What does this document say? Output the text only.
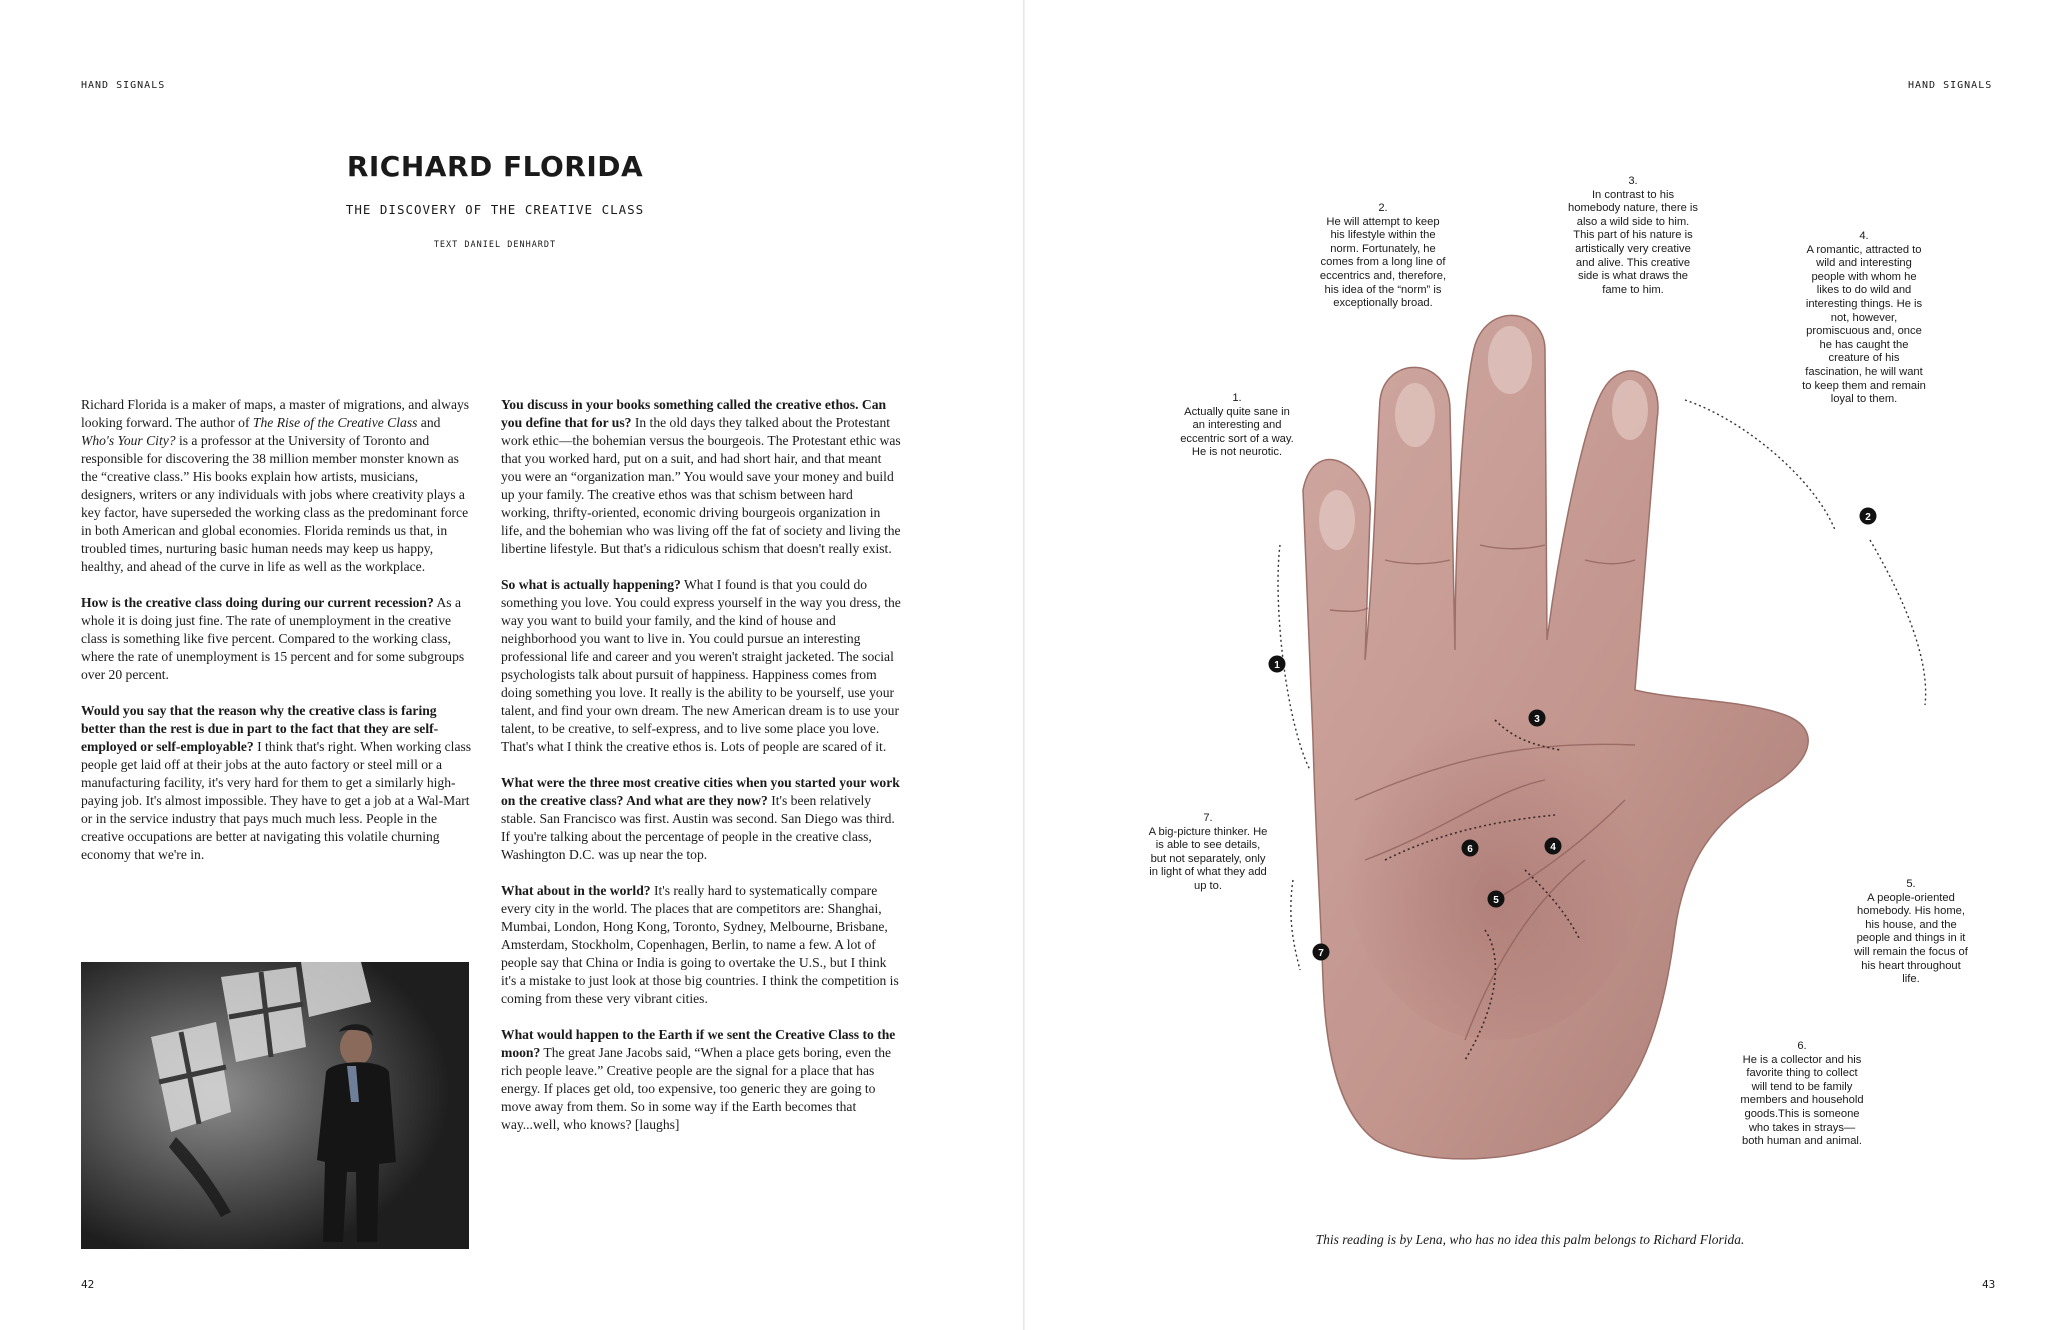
HAND SIGNALS
RICHARD FLORIDA
THE DISCOVERY OF THE CREATIVE CLASS
TEXT DANIEL DENHARDT

Richard Florida is a maker of maps, a master of migrations, and always looking forward. The author of The Rise of the Creative Class and Who's Your City? is a professor at the University of Toronto and responsible for discovering the 38 million member monster known as the “creative class.” His books explain how artists, musicians, designers, writers or any individuals with jobs where creativity plays a key factor, have superseded the working class as the predominant force in both American and global economies. Florida reminds us that, in troubled times, nurturing basic human needs may keep us happy, healthy, and ahead of the curve in life as well as the workplace.

How is the creative class doing during our current recession? As a whole it is doing just fine. The rate of unemployment in the creative class is something like five percent. Compared to the working class, where the rate of unemployment is 15 percent and for some subgroups over 20 percent.

Would you say that the reason why the creative class is faring better than the rest is due in part to the fact that they are self-employed or self-employable? I think that's right. When working class people get laid off at their jobs at the auto factory or steel mill or a manufacturing facility, it's very hard for them to get a similarly high-paying job. It's almost impossible. They have to get a job at a Wal-Mart or in the service industry that pays much much less. People in the creative occupations are better at navigating this volatile churning economy that we're in.

You discuss in your books something called the creative ethos. Can you define that for us? In the old days they talked about the Protestant work ethic—the bohemian versus the bourgeois. The Protestant ethic was that you worked hard, put on a suit, and had short hair, and that meant you were an “organization man.” You would save your money and build up your family. The creative ethos was that schism between hard working, thrifty-oriented, economic driving bourgeois organization in life, and the bohemian who was living off the fat of society and living the libertine lifestyle. But that's a ridiculous schism that doesn't really exist.

So what is actually happening? What I found is that you could do something you love. You could express yourself in the way you dress, the way you want to build your family, and the kind of house and neighborhood you want to live in. You could pursue an interesting professional life and career and you weren't straight jacketed. The social psychologists talk about pursuit of happiness. Happiness comes from doing something you love. It really is the ability to be yourself, use your talent, and find your own dream. The new American dream is to use your talent, to be creative, to self-express, and to live some place you love. That's what I think the creative ethos is. Lots of people are scared of it.

What were the three most creative cities when you started your work on the creative class? And what are they now? It's been relatively stable. San Francisco was first. Austin was second. San Diego was third. If you're talking about the percentage of people in the creative class, Washington D.C. was up near the top.

What about in the world? It's really hard to systematically compare every city in the world. The places that are competitors are: Shanghai, Mumbai, London, Hong Kong, Toronto, Sydney, Melbourne, Brisbane, Amsterdam, Stockholm, Copenhagen, Berlin, to name a few. A lot of people say that China or India is going to overtake the U.S., but I think it's a mistake to just look at those big countries. I think the competition is coming from these very vibrant cities.

What would happen to the Earth if we sent the Creative Class to the moon? The great Jane Jacobs said, “When a place gets boring, even the rich people leave.” Creative people are the signal for a place that has energy. If places get old, too expensive, too generic they are going to move away from them. So in some way if the Earth becomes that way...well, who knows? [laughs]

42
HAND SIGNALS
43
1
2
3
4
5
6
7
1.
Actually quite sane in an interesting and eccentric sort of a way. He is not neurotic.
2.
He will attempt to keep his lifestyle within the norm. Fortunately, he comes from a long line of eccentrics and, therefore, his idea of the “norm” is exceptionally broad.
3.
In contrast to his homebody nature, there is also a wild side to him. This part of his nature is artistically very creative and alive. This creative side is what draws the fame to him.
4.
A romantic, attracted to wild and interesting people with whom he likes to do wild and interesting things. He is not, however, promiscuous and, once he has caught the creature of his fascination, he will want to keep them and remain loyal to them.
5.
A people-oriented homebody. His home, his house, and the people and things in it will remain the focus of his heart throughout life.
6.
He is a collector and his favorite thing to collect will tend to be family members and household goods.This is someone who takes in strays—both human and animal.
7.
A big-picture thinker. He is able to see details, but not separately, only in light of what they add up to.
This reading is by Lena, who has no idea this palm belongs to Richard Florida.
